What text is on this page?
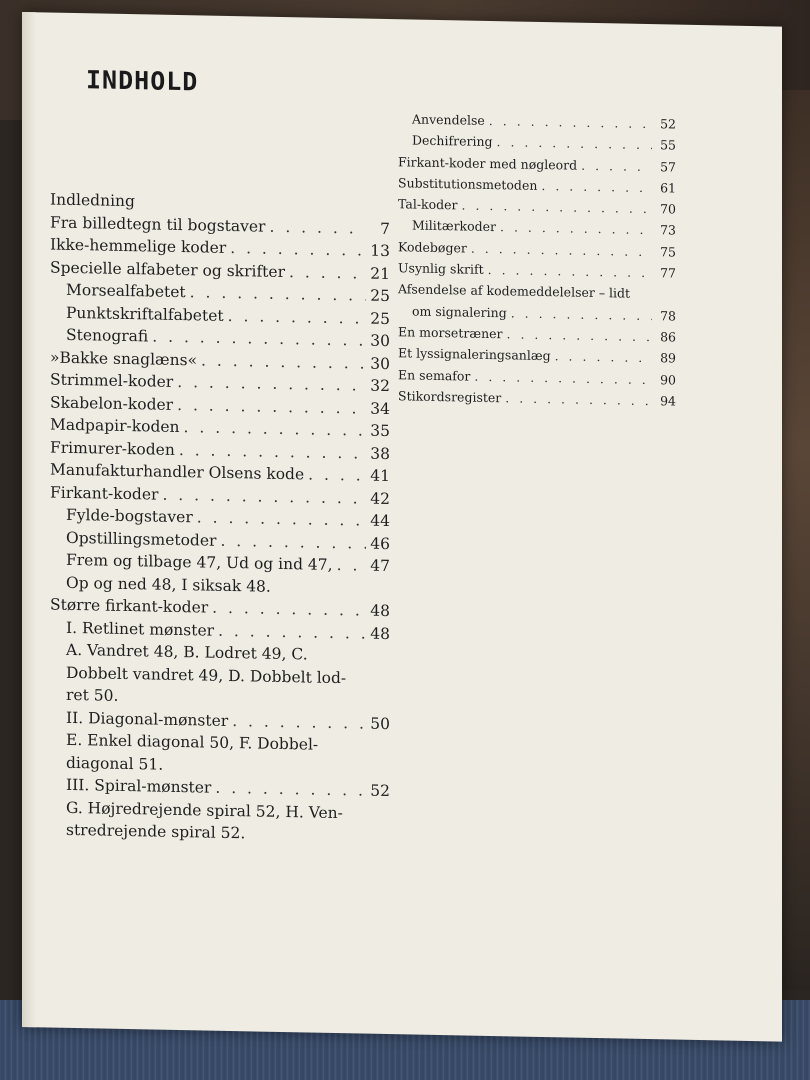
INDHOLD
Indledning
Fra billedtegn til bogstaver . . .	7
Ikke-hemmelige koder . . .	13
Specielle alfabeter og skrifter . . .	21
Morsealfabetet . . .	25
Punktskriftalfabetet . . .	25
Stenografi . . .	30
»Bakke snaglæns« . . .	30
Strimmel-koder . . .	32
Skabelon-koder . . .	34
Madpapir-koden . . .	35
Frimurer-koden . . .	38
Manufakturhandler Olsens kode . . .	41
Firkant-koder . . .	42
Fylde-bogstaver . . .	44
Opstillingsmetoder . . .	46
Frem og tilbage 47, Ud og ind 47, . . . 47
Op og ned 48, I siksak 48.
Større firkant-koder . . .	48
I. Retlinet mønster . . .	48
A. Vandret 48, B. Lodret 49, C.
Dobbelt vandret 49, D. Dobbelt lod-
ret 50.
II. Diagonal-mønster . . .	50
E. Enkel diagonal 50, F. Dobbel-
diagonal 51.
III. Spiral-mønster . . .	52
G. Højredrejende spiral 52, H. Ven-
stredrejende spiral 52.
Anvendelse . . .	52
Dechifrering . . .	55
Firkant-koder med nøgleord . . .	57
Substitutionsmetoden . . .	61
Tal-koder . . .	70
Militærkoder . . .	73
Kodebøger . . .	75
Usynlig skrift . . .	77
Afsendelse af kodemeddelelser – lidt
om signalering . . .	78
En morsetræner . . .	86
Et lyssignaleringsanlæg . . .	89
En semafor . . .	90
Stikordsregister . . .	94
